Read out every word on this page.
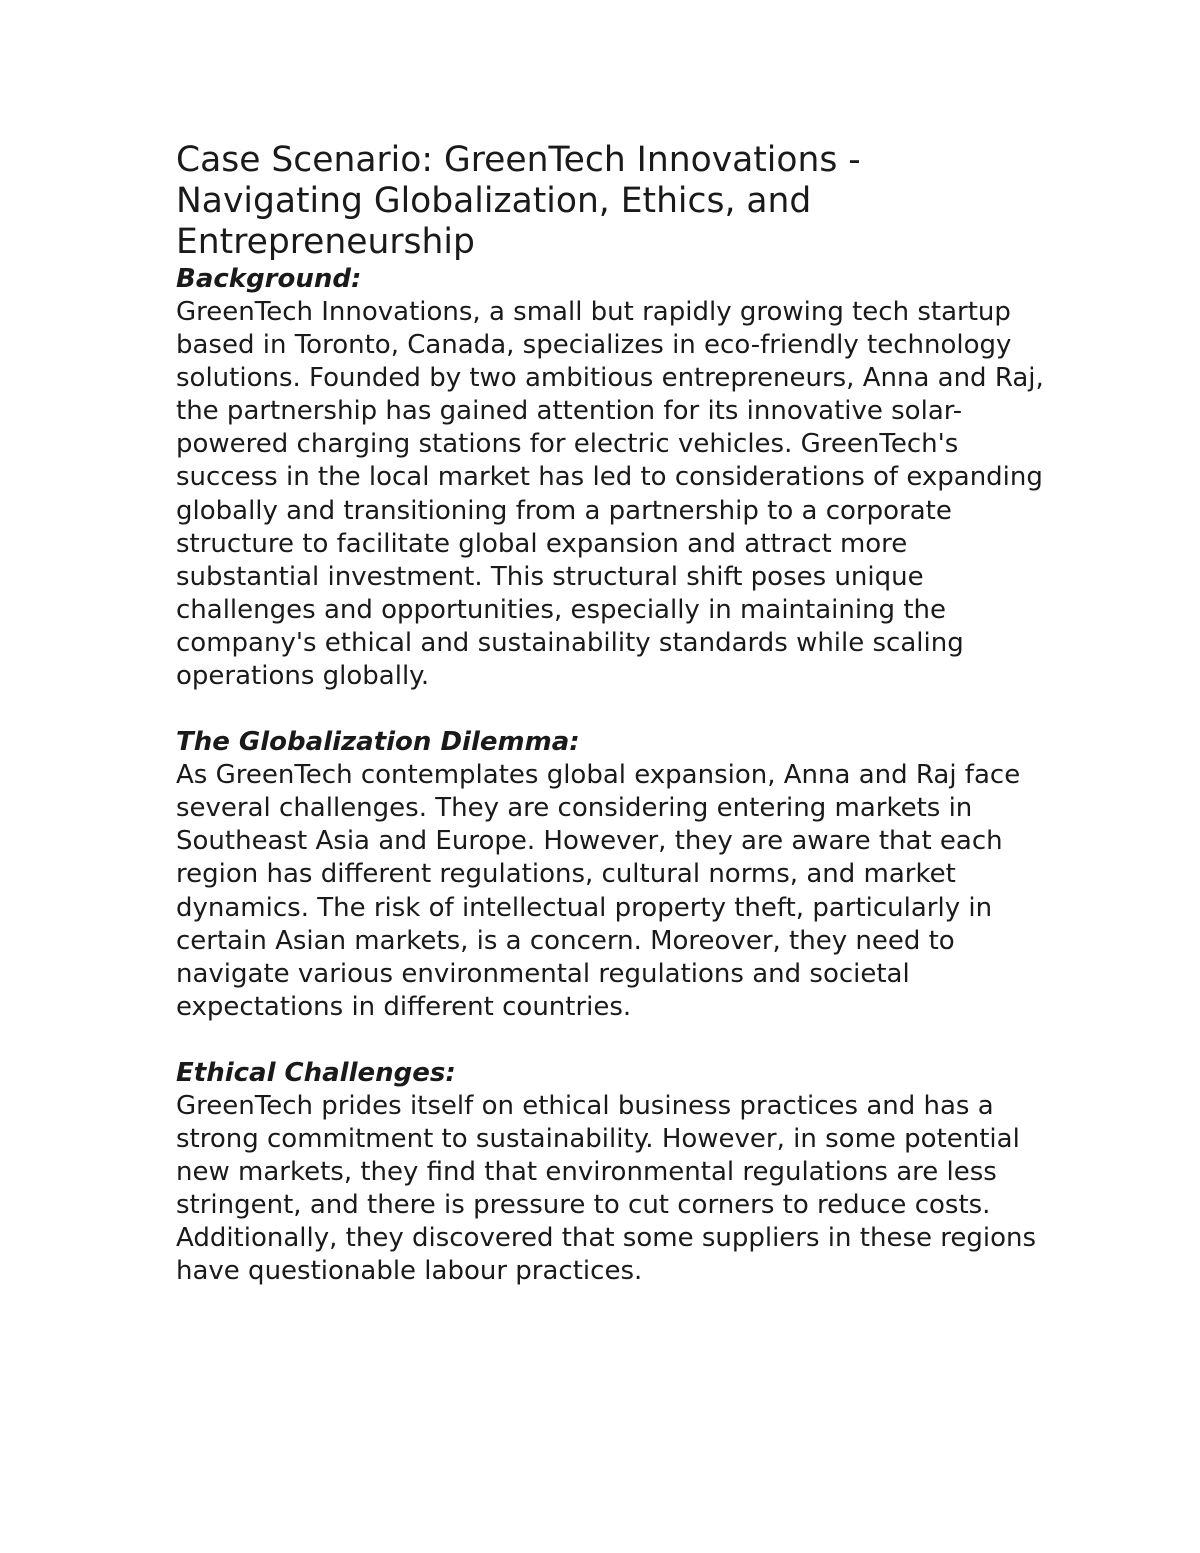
Case Scenario: GreenTech Innovations - Navigating Globalization, Ethics, and Entrepreneurship
Background:

GreenTech Innovations, a small but rapidly growing tech startup based in Toronto, Canada, specializes in eco-friendly technology solutions. Founded by two ambitious entrepreneurs, Anna and Raj, the partnership has gained attention for its innovative solar-powered charging stations for electric vehicles. GreenTech's success in the local market has led to considerations of expanding globally and transitioning from a partnership to a corporate structure to facilitate global expansion and attract more substantial investment. This structural shift poses unique challenges and opportunities, especially in maintaining the company's ethical and sustainability standards while scaling operations globally.

The Globalization Dilemma:

As GreenTech contemplates global expansion, Anna and Raj face several challenges. They are considering entering markets in Southeast Asia and Europe. However, they are aware that each region has different regulations, cultural norms, and market dynamics. The risk of intellectual property theft, particularly in certain Asian markets, is a concern. Moreover, they need to navigate various environmental regulations and societal expectations in different countries.

Ethical Challenges:

GreenTech prides itself on ethical business practices and has a strong commitment to sustainability. However, in some potential new markets, they find that environmental regulations are less stringent, and there is pressure to cut corners to reduce costs. Additionally, they discovered that some suppliers in these regions have questionable labour practices.
